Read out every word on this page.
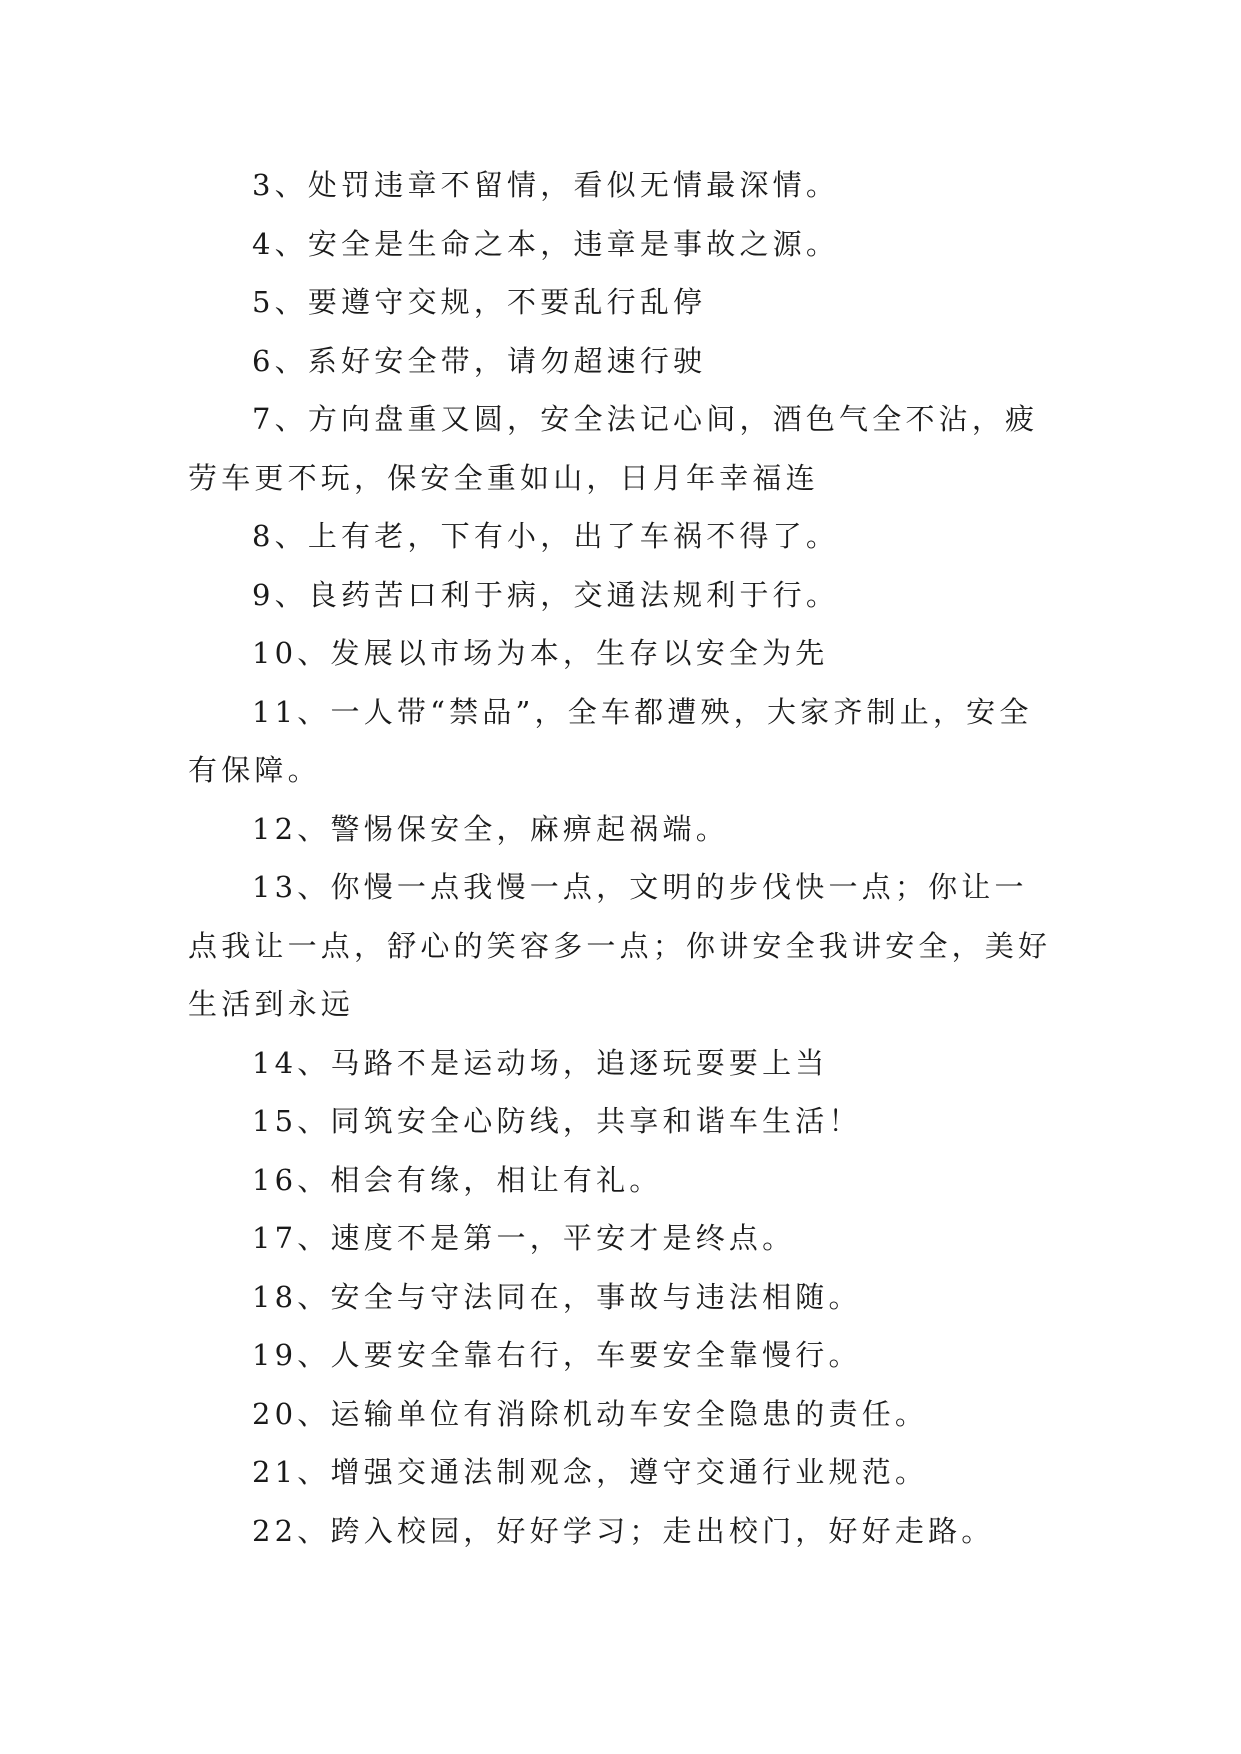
3、处罚违章不留情，看似无情最深情。

4、安全是生命之本，违章是事故之源。

5、要遵守交规，不要乱行乱停

6、系好安全带，请勿超速行驶

7、方向盘重又圆，安全法记心间，酒色气全不沾，疲劳车更不玩，保安全重如山，日月年幸福连

8、上有老，下有小，出了车祸不得了。

9、良药苦口利于病，交通法规利于行。

10、发展以市场为本，生存以安全为先

11、一人带“禁品”，全车都遭殃，大家齐制止，安全有保障。

12、警惕保安全，麻痹起祸端。

13、你慢一点我慢一点，文明的步伐快一点；你让一点我让一点，舒心的笑容多一点；你讲安全我讲安全，美好生活到永远

14、马路不是运动场，追逐玩耍要上当

15、同筑安全心防线，共享和谐车生活！

16、相会有缘，相让有礼。

17、速度不是第一，平安才是终点。

18、安全与守法同在，事故与违法相随。

19、人要安全靠右行，车要安全靠慢行。

20、运输单位有消除机动车安全隐患的责任。

21、增强交通法制观念，遵守交通行业规范。

22、跨入校园，好好学习；走出校门，好好走路。
